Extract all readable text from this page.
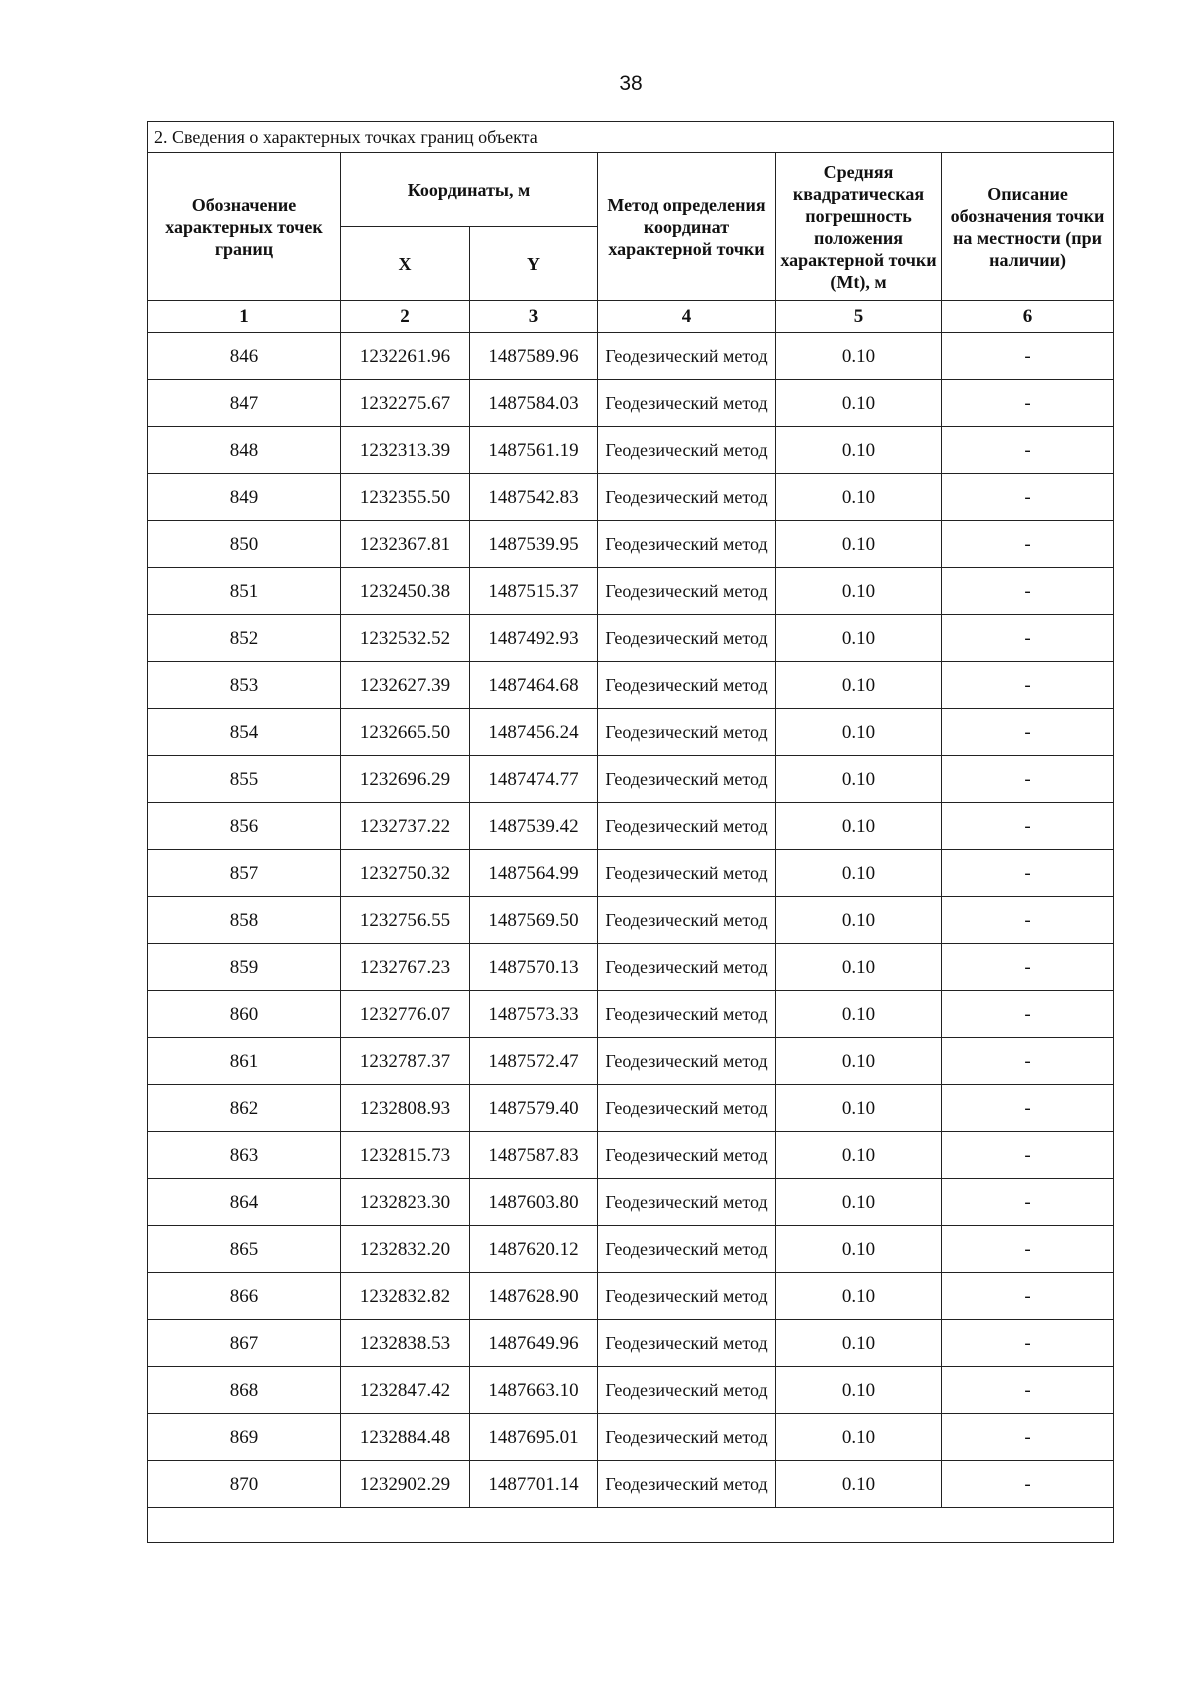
38
2. Сведения о характерных точках границ объекта					
Обозначение характерных точек границ	Координаты, м		Метод определения координат характерной точки	Средняя квадратическая погрешность положения характерной точки (Mt), м	Описание обозначения точки на местности (при наличии)
	X	Y			
1	2	3	4	5	6
846	1232261.96	1487589.96	Геодезический метод	0.10	-
847	1232275.67	1487584.03	Геодезический метод	0.10	-
848	1232313.39	1487561.19	Геодезический метод	0.10	-
849	1232355.50	1487542.83	Геодезический метод	0.10	-
850	1232367.81	1487539.95	Геодезический метод	0.10	-
851	1232450.38	1487515.37	Геодезический метод	0.10	-
852	1232532.52	1487492.93	Геодезический метод	0.10	-
853	1232627.39	1487464.68	Геодезический метод	0.10	-
854	1232665.50	1487456.24	Геодезический метод	0.10	-
855	1232696.29	1487474.77	Геодезический метод	0.10	-
856	1232737.22	1487539.42	Геодезический метод	0.10	-
857	1232750.32	1487564.99	Геодезический метод	0.10	-
858	1232756.55	1487569.50	Геодезический метод	0.10	-
859	1232767.23	1487570.13	Геодезический метод	0.10	-
860	1232776.07	1487573.33	Геодезический метод	0.10	-
861	1232787.37	1487572.47	Геодезический метод	0.10	-
862	1232808.93	1487579.40	Геодезический метод	0.10	-
863	1232815.73	1487587.83	Геодезический метод	0.10	-
864	1232823.30	1487603.80	Геодезический метод	0.10	-
865	1232832.20	1487620.12	Геодезический метод	0.10	-
866	1232832.82	1487628.90	Геодезический метод	0.10	-
867	1232838.53	1487649.96	Геодезический метод	0.10	-
868	1232847.42	1487663.10	Геодезический метод	0.10	-
869	1232884.48	1487695.01	Геодезический метод	0.10	-
870	1232902.29	1487701.14	Геодезический метод	0.10	-
